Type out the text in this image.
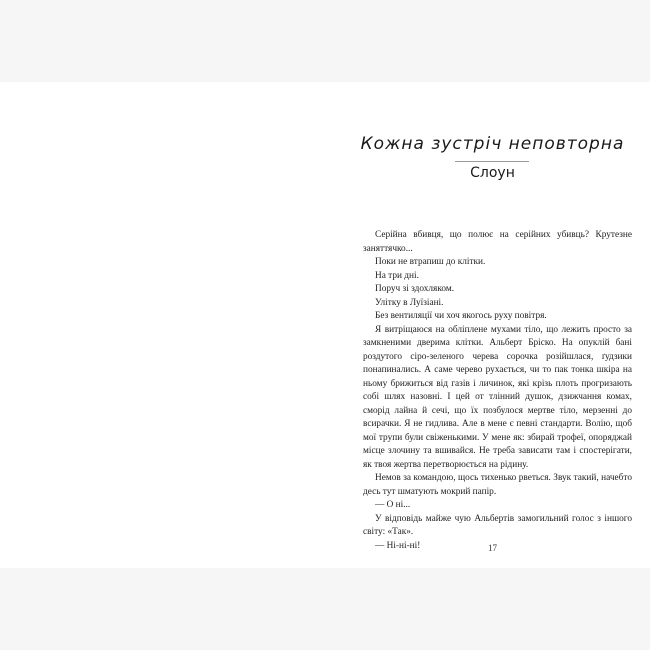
Кожна зустріч неповторна
Слоун

Серійна вбивця, що полює на серійних убивць? Крутезне заняттячко...

Поки не втрапиш до клітки.

На три дні.

Поруч зі здохляком.

Улітку в Луїзіані.

Без вентиляції чи хоч якогось руху повітря.

Я витріщаюся на обліплене мухами тіло, що лежить просто за замкненими дверима клітки. Альберт Бріско. На опуклій бані роздутого сіро-зеленого черева сорочка розійшлася, ґудзики понапинались. А саме черево рухається, чи то пак тонка шкіра на ньому брижиться від газів і личинок, які крізь плоть прогризають собі шлях назовні. І цей от тлінний душок, дзижчання комах, сморід лайна й сечі, що їх позбулося мертве тіло, мерзенні до всирачки. Я не гидлива. Але в мене є певні стандарти. Волію, щоб мої трупи були свіженькими. У мене як: збирай трофеї, опоряджай місце злочину та вшивайся. Не треба зависати там і спостерігати, як твоя жертва перетворюється на рідину.

Немов за командою, щось тихенько рветься. Звук такий, начебто десь тут шматують мокрий папір.

— О ні...

У відповідь майже чую Альбертів замогильний голос з іншого світу: «Так».

— Ні-ні-ні!	17
